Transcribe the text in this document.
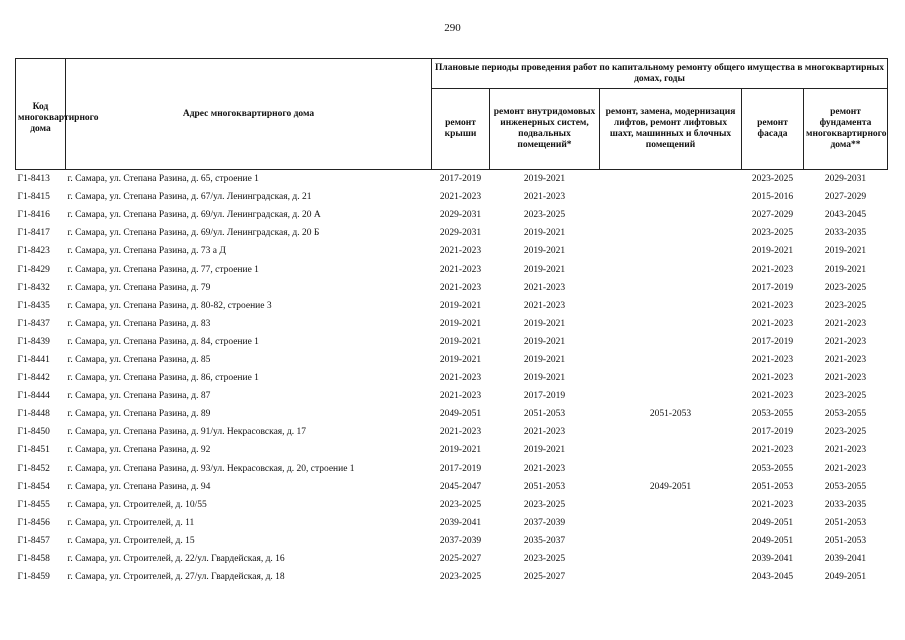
290
Код многоквартирного дома	Адрес многоквартирного дома	Плановые периоды проведения работ по капитальному ремонту общего имущества в многоквартирных домах, годы				
		ремонт крыши	ремонт внутридомовых инженерных систем, подвальных помещений*	ремонт, замена, модернизация лифтов, ремонт лифтовых шахт, машинных и блочных помещений	ремонт фасада	ремонт фундамента многоквартирного дома**
Г1-8413	г. Самара, ул. Степана Разина, д. 65, строение 1	2017-2019	2019-2021		2023-2025	2029-2031
Г1-8415	г. Самара, ул. Степана Разина, д. 67/ул. Ленинградская, д. 21	2021-2023	2021-2023		2015-2016	2027-2029
Г1-8416	г. Самара, ул. Степана Разина, д. 69/ул. Ленинградская, д. 20 А	2029-2031	2023-2025		2027-2029	2043-2045
Г1-8417	г. Самара, ул. Степана Разина, д. 69/ул. Ленинградская, д. 20 Б	2029-2031	2019-2021		2023-2025	2033-2035
Г1-8423	г. Самара, ул. Степана Разина, д. 73 а Д	2021-2023	2019-2021		2019-2021	2019-2021
Г1-8429	г. Самара, ул. Степана Разина, д. 77, строение 1	2021-2023	2019-2021		2021-2023	2019-2021
Г1-8432	г. Самара, ул. Степана Разина, д. 79	2021-2023	2021-2023		2017-2019	2023-2025
Г1-8435	г. Самара, ул. Степана Разина, д. 80-82, строение 3	2019-2021	2021-2023		2021-2023	2023-2025
Г1-8437	г. Самара, ул. Степана Разина, д. 83	2019-2021	2019-2021		2021-2023	2021-2023
Г1-8439	г. Самара, ул. Степана Разина, д. 84, строение 1	2019-2021	2019-2021		2017-2019	2021-2023
Г1-8441	г. Самара, ул. Степана Разина, д. 85	2019-2021	2019-2021		2021-2023	2021-2023
Г1-8442	г. Самара, ул. Степана Разина, д. 86, строение 1	2021-2023	2019-2021		2021-2023	2021-2023
Г1-8444	г. Самара, ул. Степана Разина, д. 87	2021-2023	2017-2019		2021-2023	2023-2025
Г1-8448	г. Самара, ул. Степана Разина, д. 89	2049-2051	2051-2053	2051-2053	2053-2055	2053-2055
Г1-8450	г. Самара, ул. Степана Разина, д. 91/ул. Некрасовская, д. 17	2021-2023	2021-2023		2017-2019	2023-2025
Г1-8451	г. Самара, ул. Степана Разина, д. 92	2019-2021	2019-2021		2021-2023	2021-2023
Г1-8452	г. Самара, ул. Степана Разина, д. 93/ул. Некрасовская, д. 20, строение 1	2017-2019	2021-2023		2053-2055	2021-2023
Г1-8454	г. Самара, ул. Степана Разина, д. 94	2045-2047	2051-2053	2049-2051	2051-2053	2053-2055
Г1-8455	г. Самара, ул. Строителей, д. 10/55	2023-2025	2023-2025		2021-2023	2033-2035
Г1-8456	г. Самара, ул. Строителей, д. 11	2039-2041	2037-2039		2049-2051	2051-2053
Г1-8457	г. Самара, ул. Строителей, д. 15	2037-2039	2035-2037		2049-2051	2051-2053
Г1-8458	г. Самара, ул. Строителей, д. 22/ул. Гвардейская, д. 16	2025-2027	2023-2025		2039-2041	2039-2041
Г1-8459	г. Самара, ул. Строителей, д. 27/ул. Гвардейская, д. 18	2023-2025	2025-2027		2043-2045	2049-2051
